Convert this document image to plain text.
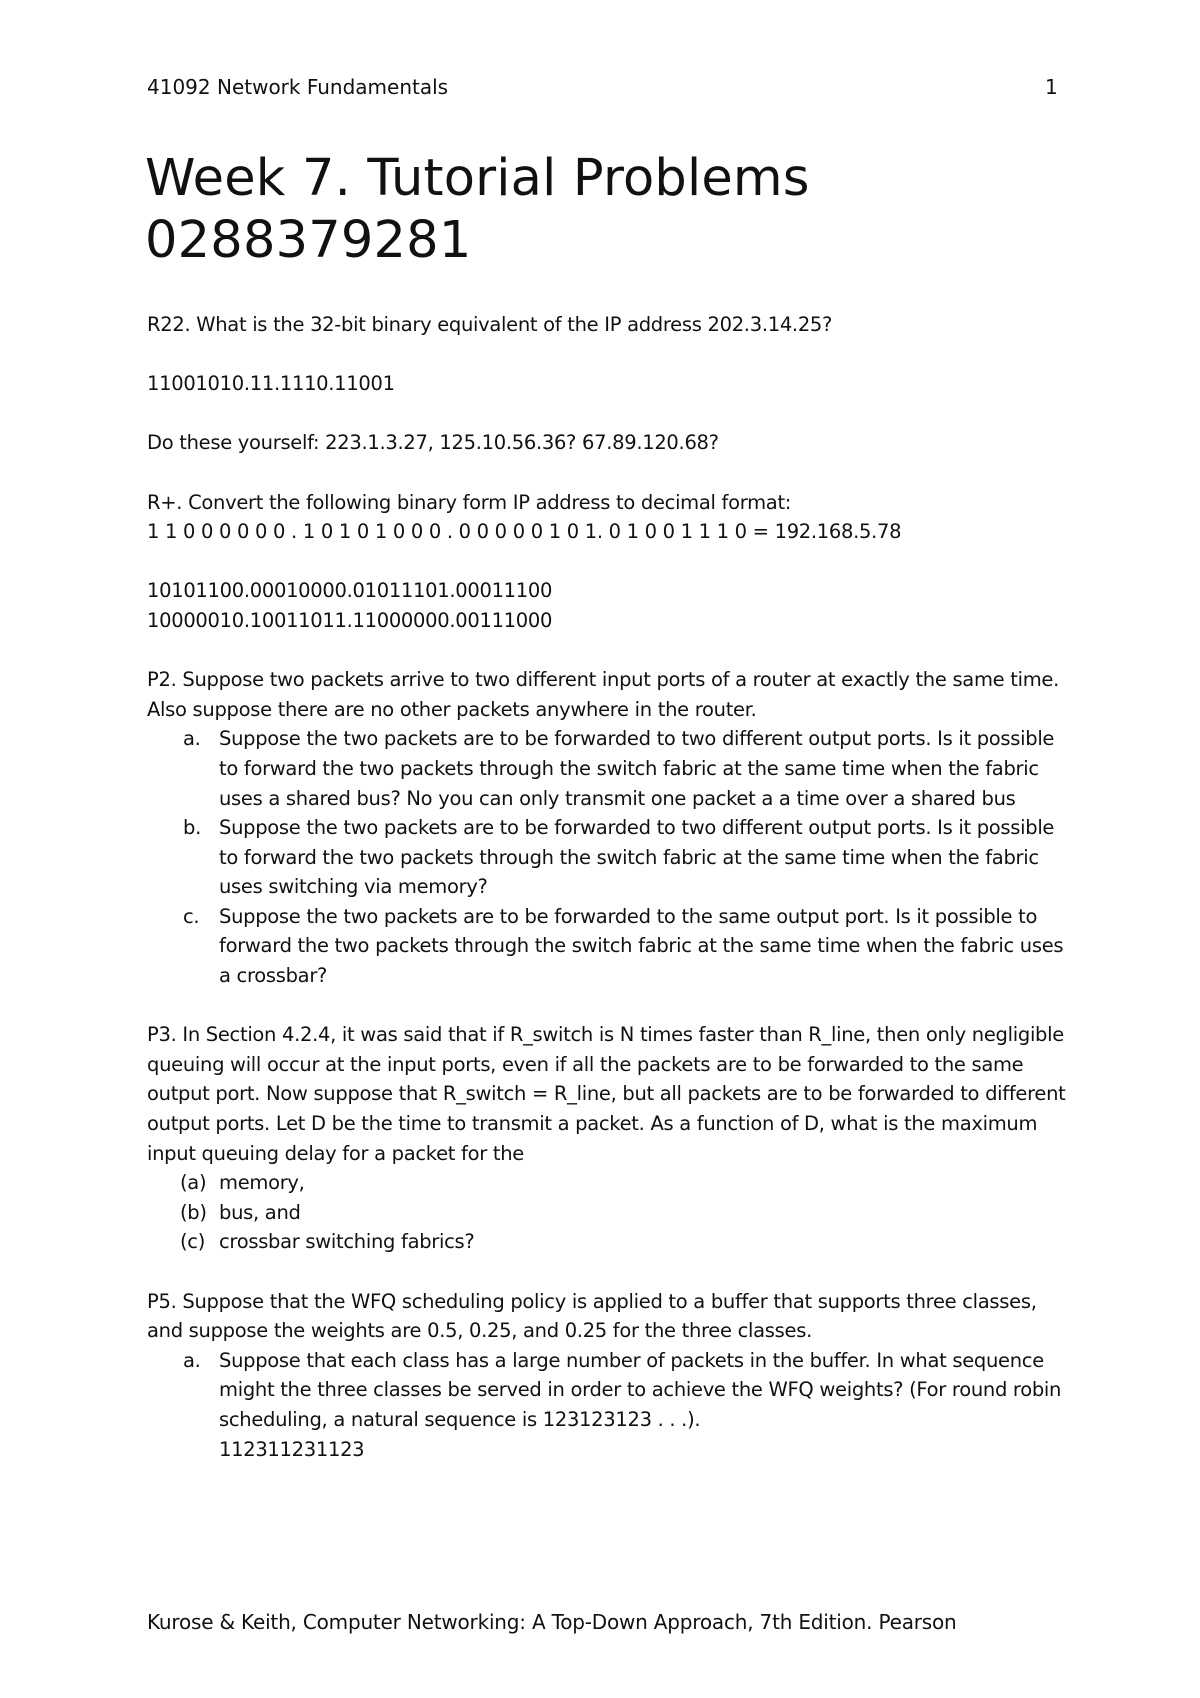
41092 Network Fundamentals	1
Week 7. Tutorial Problems
0288379281

R22. What is the 32-bit binary equivalent of the IP address 202.3.14.25?

11001010.11.1110.11001

Do these yourself: 223.1.3.27, 125.10.56.36? 67.89.120.68?

R+. Convert the following binary form IP address to decimal format:

1 1 0 0 0 0 0 0 . 1 0 1 0 1 0 0 0 . 0 0 0 0 0 1 0 1. 0 1 0 0 1 1 1 0 = 192.168.5.78

10101100.00010000.01011101.00011100

10000010.10011011.11000000.00111000

P2. Suppose two packets arrive to two different input ports of a router at exactly the same time. Also suppose there are no other packets anywhere in the router.

a. Suppose the two packets are to be forwarded to two different output ports. Is it possible to forward the two packets through the switch fabric at the same time when the fabric uses a shared bus? No you can only transmit one packet a a time over a shared bus
b. Suppose the two packets are to be forwarded to two different output ports. Is it possible to forward the two packets through the switch fabric at the same time when the fabric uses switching via memory?
c. Suppose the two packets are to be forwarded to the same output port. Is it possible to forward the two packets through the switch fabric at the same time when the fabric uses a crossbar?

P3. In Section 4.2.4, it was said that if R_switch is N times faster than R_line, then only negligible queuing will occur at the input ports, even if all the packets are to be forwarded to the same output port. Now suppose that R_switch = R_line, but all packets are to be forwarded to different output ports. Let D be the time to transmit a packet. As a function of D, what is the maximum input queuing delay for a packet for the

(a) memory,
(b) bus, and
(c) crossbar switching fabrics?

P5. Suppose that the WFQ scheduling policy is applied to a buffer that supports three classes, and suppose the weights are 0.5, 0.25, and 0.25 for the three classes.

a. Suppose that each class has a large number of packets in the buffer. In what sequence might the three classes be served in order to achieve the WFQ weights? (For round robin scheduling, a natural sequence is 123123123 . . .).
112311231123
Kurose & Keith, Computer Networking: A Top-Down Approach, 7th Edition. Pearson
